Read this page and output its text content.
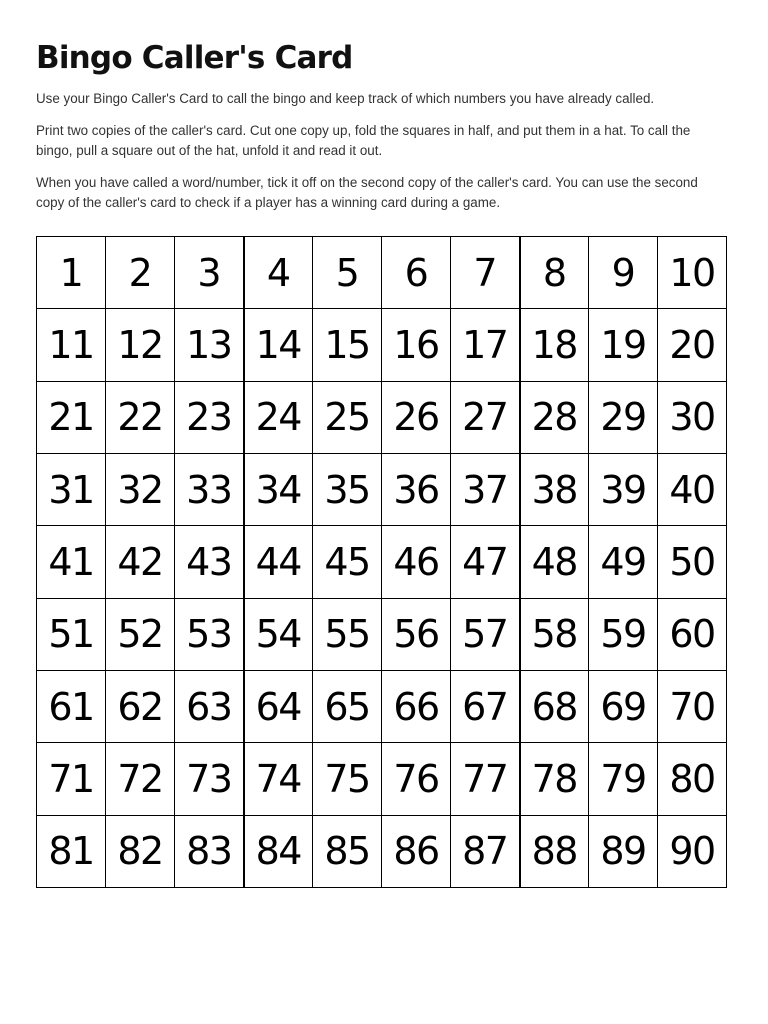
Bingo Caller's Card

Use your Bingo Caller's Card to call the bingo and keep track of which numbers you have already called.

Print two copies of the caller's card. Cut one copy up, fold the squares in half, and put them in a hat. To call the bingo, pull a square out of the hat, unfold it and read it out.

When you have called a word/number, tick it off on the second copy of the caller's card. You can use the second copy of the caller's card to check if a player has a winning card during a game.

1	2	3	4	5	6	7	8	9	10
11	12	13	14	15	16	17	18	19	20
21	22	23	24	25	26	27	28	29	30
31	32	33	34	35	36	37	38	39	40
41	42	43	44	45	46	47	48	49	50
51	52	53	54	55	56	57	58	59	60
61	62	63	64	65	66	67	68	69	70
71	72	73	74	75	76	77	78	79	80
81	82	83	84	85	86	87	88	89	90
